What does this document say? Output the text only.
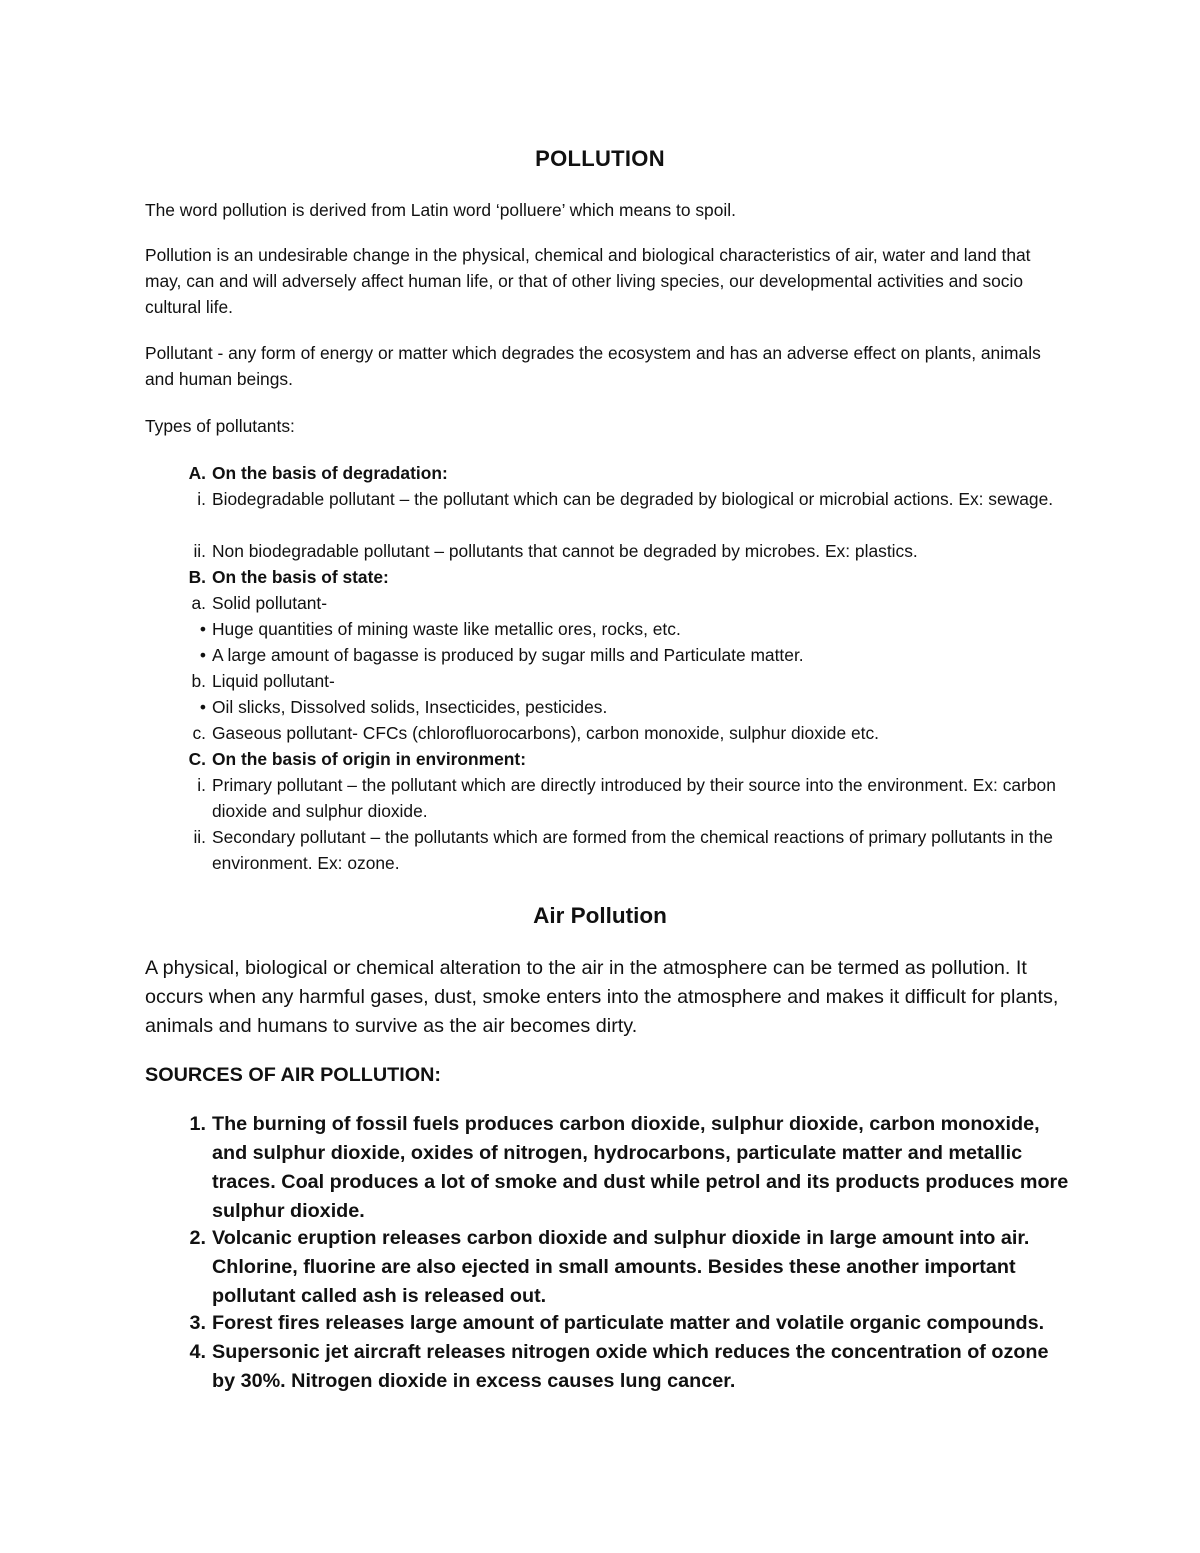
POLLUTION
The word pollution is derived from Latin word ‘polluere’ which means to spoil.
Pollution is an undesirable change in the physical, chemical and biological characteristics of air, water and land that may, can and will adversely affect human life, or that of other living species, our developmental activities and socio cultural life.
Pollutant - any form of energy or matter which degrades the ecosystem and has an adverse effect on plants, animals and human beings.
Types of pollutants:
A. On the basis of degradation:
i. Biodegradable pollutant – the pollutant which can be degraded by biological or microbial actions. Ex: sewage.
ii. Non biodegradable pollutant – pollutants that cannot be degraded by microbes. Ex: plastics.
B. On the basis of state:
a. Solid pollutant-
• Huge quantities of mining waste like metallic ores, rocks, etc.
• A large amount of bagasse is produced by sugar mills and Particulate matter.
b. Liquid pollutant-
• Oil slicks, Dissolved solids, Insecticides, pesticides.
c. Gaseous pollutant- CFCs (chlorofluorocarbons), carbon monoxide, sulphur dioxide etc.
C. On the basis of origin in environment:
i. Primary pollutant – the pollutant which are directly introduced by their source into the environment. Ex: carbon dioxide and sulphur dioxide.
ii. Secondary pollutant – the pollutants which are formed from the chemical reactions of primary pollutants in the environment. Ex: ozone.
Air Pollution
A physical, biological or chemical alteration to the air in the atmosphere can be termed as pollution. It occurs when any harmful gases, dust, smoke enters into the atmosphere and makes it difficult for plants, animals and humans to survive as the air becomes dirty.
SOURCES OF AIR POLLUTION:
1. The burning of fossil fuels produces carbon dioxide, sulphur dioxide, carbon monoxide, and sulphur dioxide, oxides of nitrogen, hydrocarbons, particulate matter and metallic traces. Coal produces a lot of smoke and dust while petrol and its products produces more sulphur dioxide.
2. Volcanic eruption releases carbon dioxide and sulphur dioxide in large amount into air. Chlorine, fluorine are also ejected in small amounts. Besides these another important pollutant called ash is released out.
3. Forest fires releases large amount of particulate matter and volatile organic compounds.
4. Supersonic jet aircraft releases nitrogen oxide which reduces the concentration of ozone by 30%. Nitrogen dioxide in excess causes lung cancer.
